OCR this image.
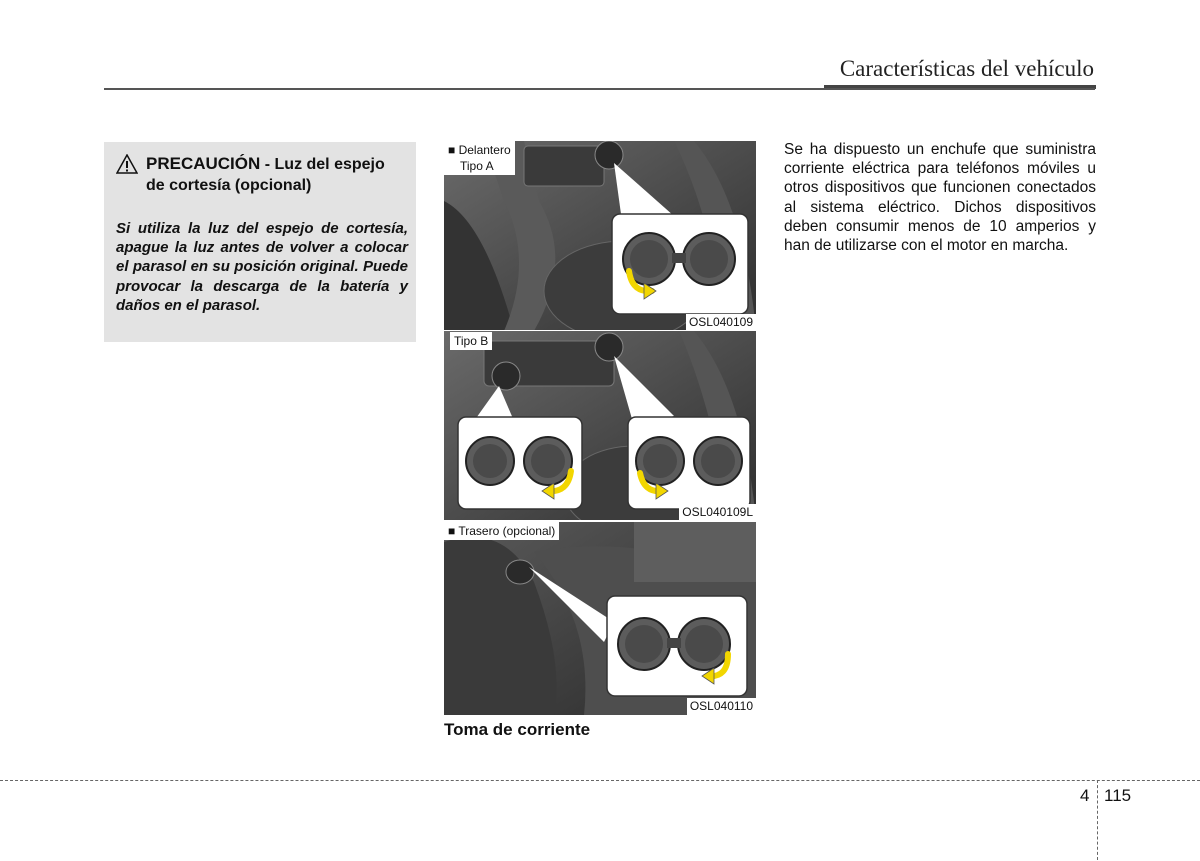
Características del vehículo
PRECAUCIÓN - Luz del espejo de cortesía (opcional)
Si utiliza la luz del espejo de cortesía, apague la luz antes de volver a colocar el parasol en su posición original. Puede provocar la descarga de la batería y daños en el parasol.
■ Delantero
Tipo A
OSL040109
Tipo B
OSL040109L
■ Trasero (opcional)
OSL040110
Toma de corriente
Se ha dispuesto un enchufe que suministra corriente eléctrica para teléfonos móviles u otros dispositivos que funcionen conectados al sistema eléctrico. Dichos dispositivos deben consumir menos de 10 amperios y han de utilizarse con el motor en marcha.
4 115
